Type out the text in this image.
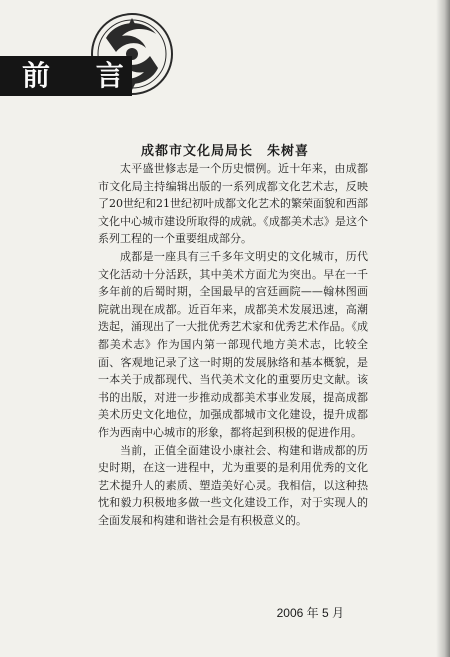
前 言
成都市文化局局长　朱树喜

太平盛世修志是一个历史惯例。近十年来，由成都市文化局主持编辑出版的一系列成都文化艺术志，反映了20世纪和21世纪初叶成都文化艺术的繁荣面貌和西部文化中心城市建设所取得的成就。《成都美术志》是这个系列工程的一个重要组成部分。

成都是一座具有三千多年文明史的文化城市，历代文化活动十分活跃，其中美术方面尤为突出。早在一千多年前的后蜀时期，全国最早的宫廷画院——翰林图画院就出现在成都。近百年来，成都美术发展迅速，高潮迭起，涌现出了一大批优秀艺术家和优秀艺术作品。《成都美术志》作为国内第一部现代地方美术志，比较全面、客观地记录了这一时期的发展脉络和基本概貌，是一本关于成都现代、当代美术文化的重要历史文献。该书的出版，对进一步推动成都美术事业发展，提高成都美术历史文化地位，加强成都城市文化建设，提升成都作为西南中心城市的形象，都将起到积极的促进作用。

当前，正值全面建设小康社会、构建和谐成都的历史时期，在这一进程中，尤为重要的是利用优秀的文化艺术提升人的素质、塑造美好心灵。我相信，以这种热忱和毅力积极地多做一些文化建设工作，对于实现人的全面发展和构建和谐社会是有积极意义的。

2006 年 5 月
